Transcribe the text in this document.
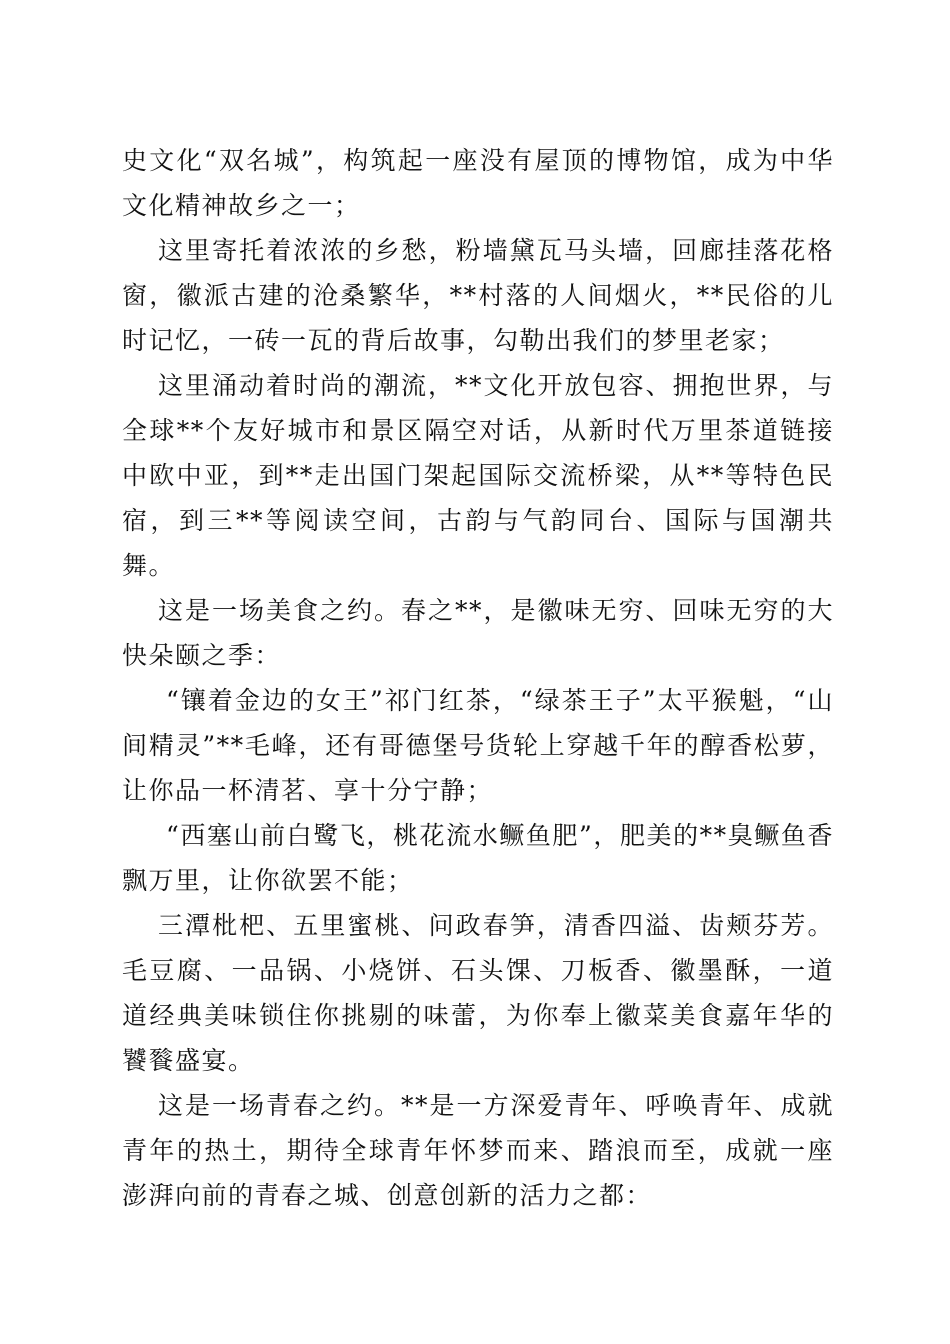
史文化“双名城”，构筑起一座没有屋顶的博物馆，成为中华文化精神故乡之一；

这里寄托着浓浓的乡愁，粉墙黛瓦马头墙，回廊挂落花格窗，徽派古建的沧桑繁华，**村落的人间烟火，**民俗的儿时记忆，一砖一瓦的背后故事，勾勒出我们的梦里老家；

这里涌动着时尚的潮流，**文化开放包容、拥抱世界，与全球**个友好城市和景区隔空对话，从新时代万里茶道链接中欧中亚，到**走出国门架起国际交流桥梁，从**等特色民宿，到三**等阅读空间，古韵与气韵同台、国际与国潮共舞。

这是一场美食之约。春之**，是徽味无穷、回味无穷的大快朵颐之季：

“镶着金边的女王”祁门红茶，“绿茶王子”太平猴魁，“山间精灵”**毛峰，还有哥德堡号货轮上穿越千年的醇香松萝，让你品一杯清茗、享十分宁静；

“西塞山前白鹭飞，桃花流水鳜鱼肥”，肥美的**臭鳜鱼香飘万里，让你欲罢不能；

三潭枇杷、五里蜜桃、问政春笋，清香四溢、齿颊芬芳。毛豆腐、一品锅、小烧饼、石头馃、刀板香、徽墨酥，一道道经典美味锁住你挑剔的味蕾，为你奉上徽菜美食嘉年华的饕餮盛宴。

这是一场青春之约。**是一方深爱青年、呼唤青年、成就青年的热土，期待全球青年怀梦而来、踏浪而至，成就一座澎湃向前的青春之城、创意创新的活力之都：
